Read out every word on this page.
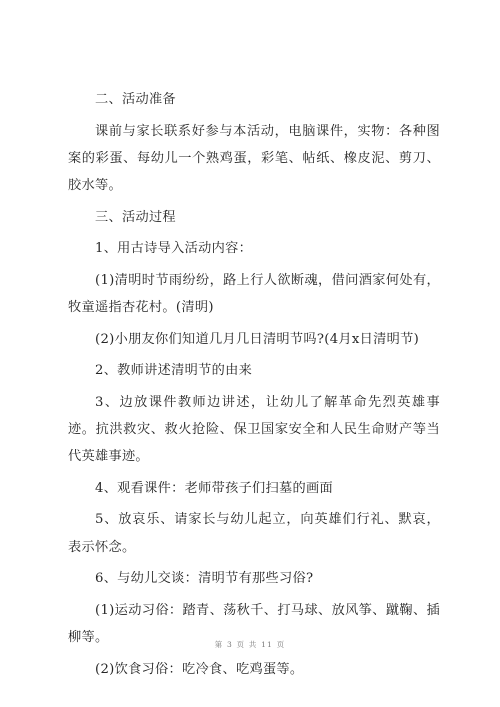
二、活动准备

课前与家长联系好参与本活动，电脑课件，实物：各种图案的彩蛋、每幼儿一个熟鸡蛋，彩笔、帖纸、橡皮泥、剪刀、胶水等。

三、活动过程

1、用古诗导入活动内容：

(1)清明时节雨纷纷，路上行人欲断魂，借问酒家何处有，牧童遥指杏花村。(清明)

(2)小朋友你们知道几月几日清明节吗?(4月x日清明节)

2、教师讲述清明节的由来

3、边放课件教师边讲述，让幼儿了解革命先烈英雄事迹。抗洪救灾、救火抢险、保卫国家安全和人民生命财产等当代英雄事迹。

4、观看课件：老师带孩子们扫墓的画面

5、放哀乐、请家长与幼儿起立，向英雄们行礼、默哀，表示怀念。

6、与幼儿交谈：清明节有那些习俗?

(1)运动习俗：踏青、荡秋千、打马球、放风筝、蹴鞠、插柳等。

(2)饮食习俗：吃冷食、吃鸡蛋等。

第 3 页 共 11 页
